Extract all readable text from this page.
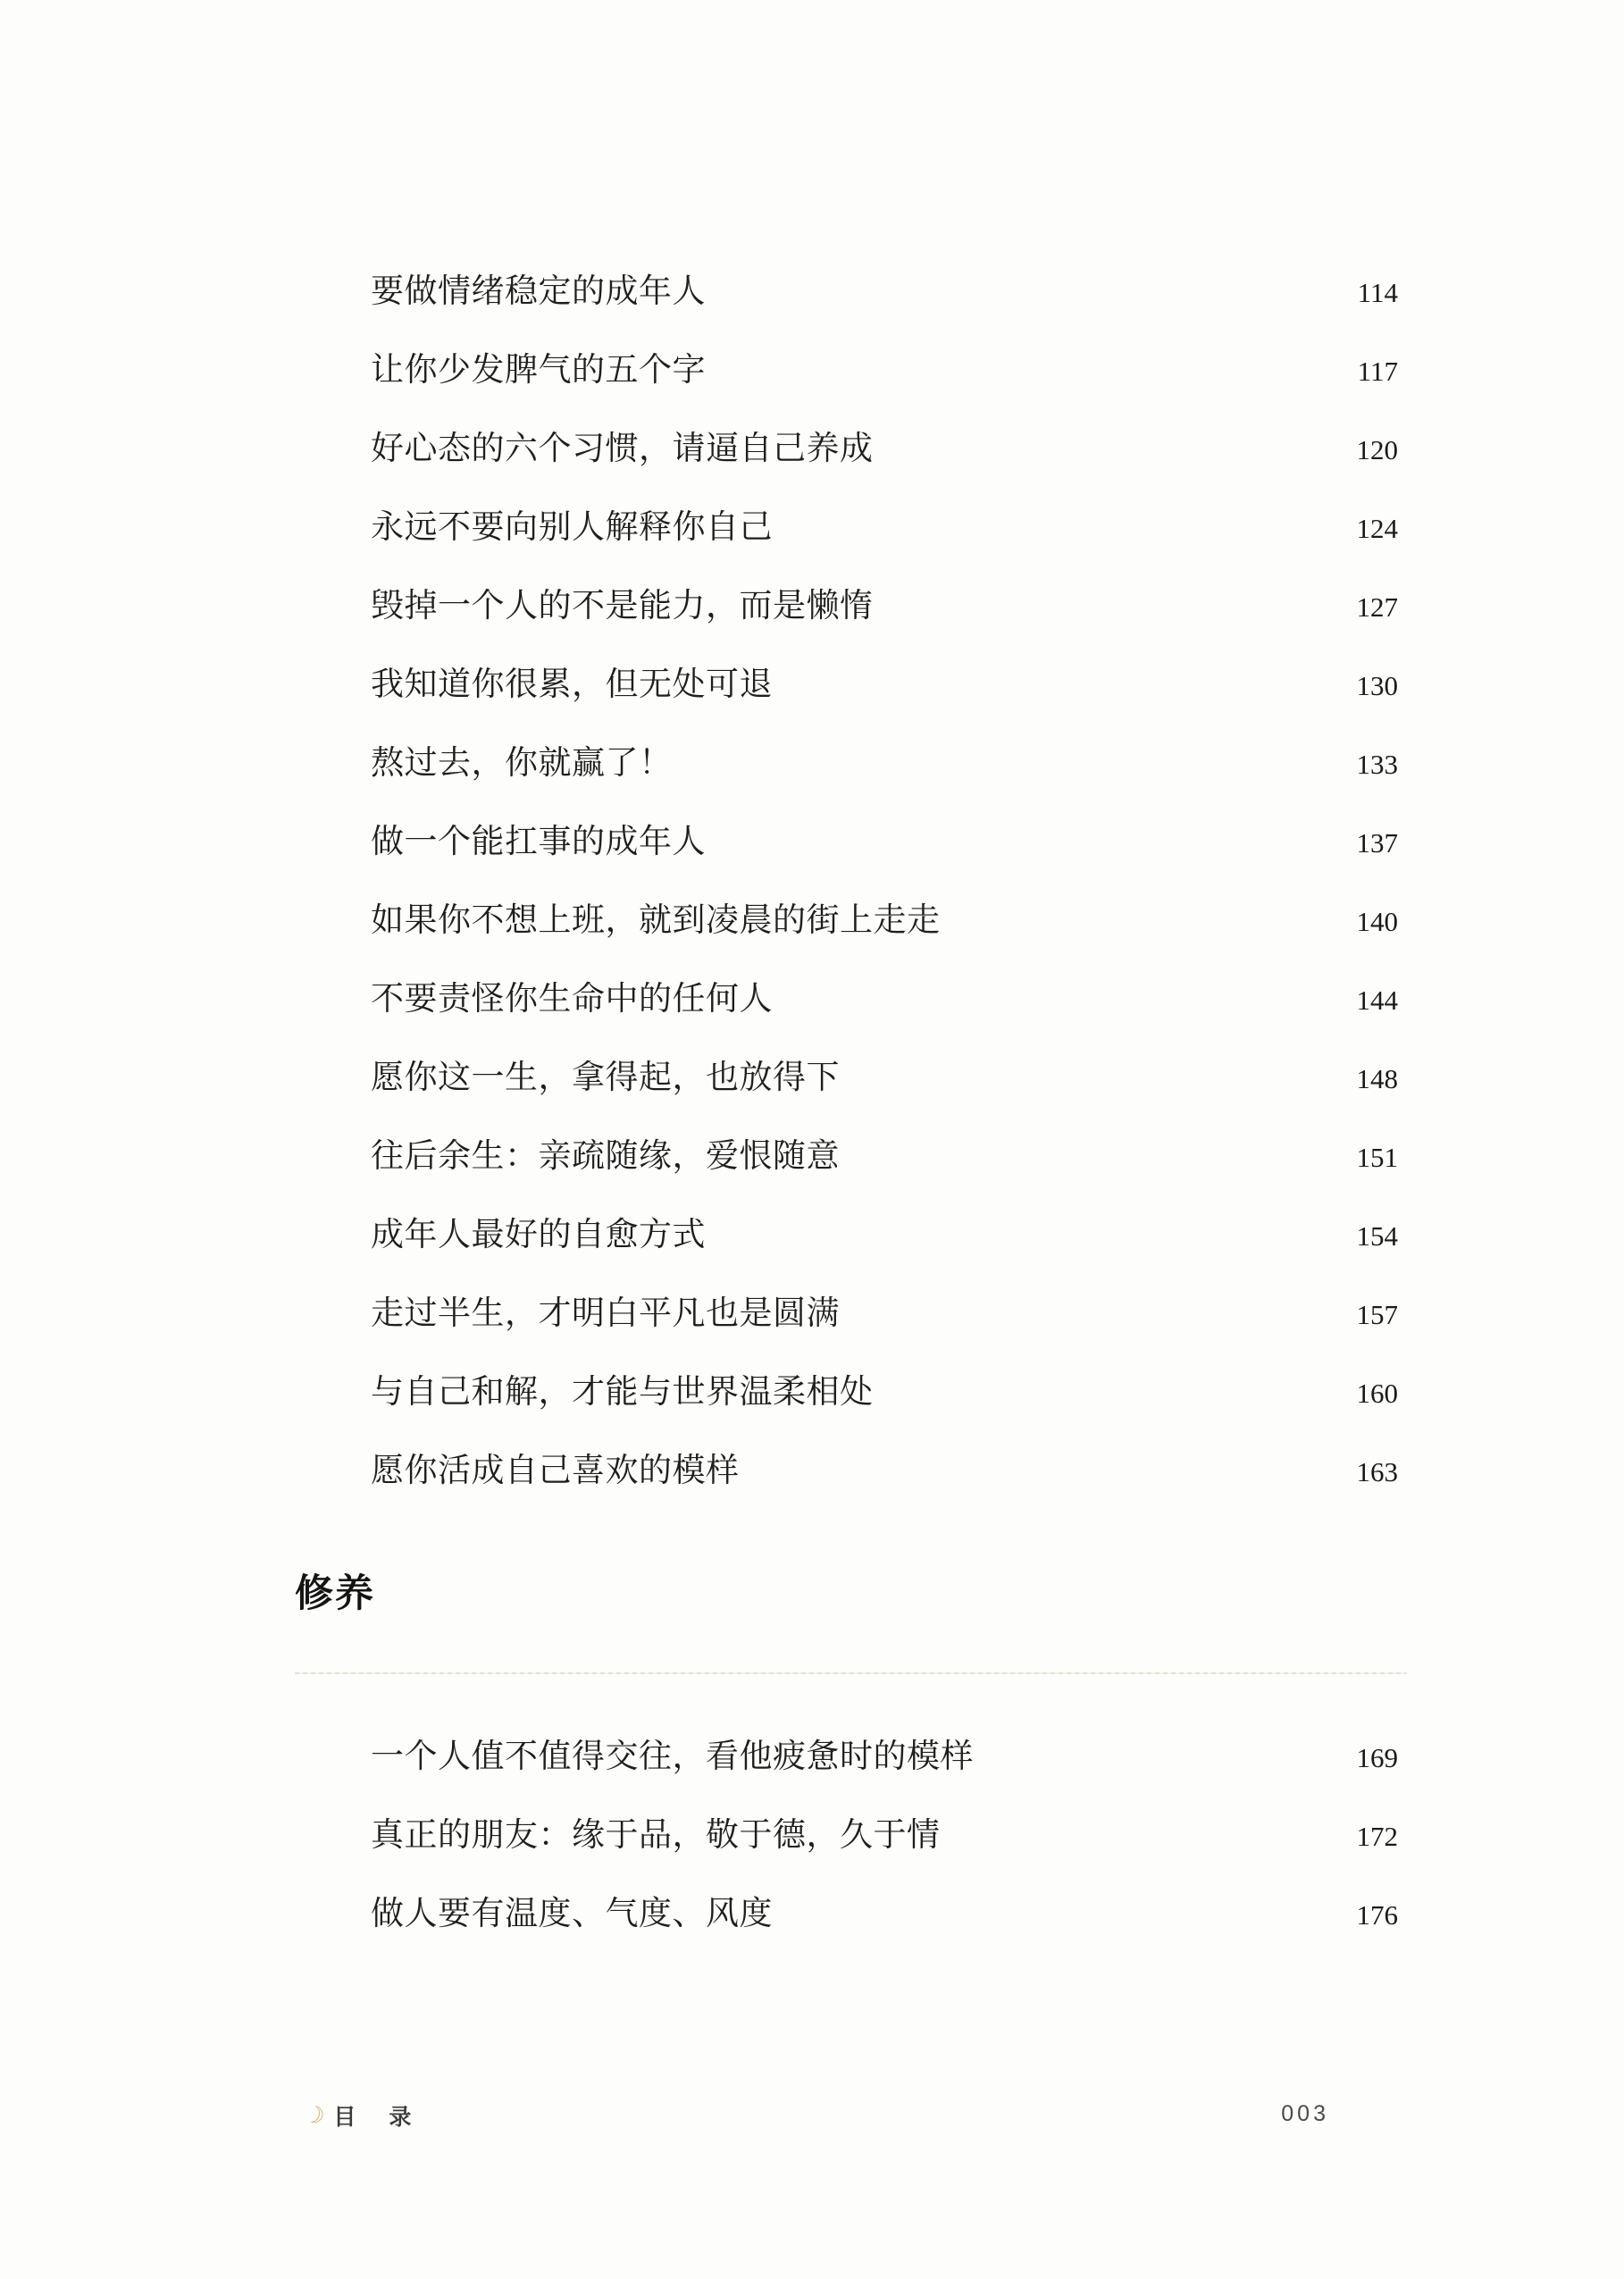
要做情绪稳定的成年人	114
让你少发脾气的五个字	117
好心态的六个习惯，请逼自己养成	120
永远不要向别人解释你自己	124
毁掉一个人的不是能力，而是懒惰	127
我知道你很累，但无处可退	130
熬过去，你就赢了！	133
做一个能扛事的成年人	137
如果你不想上班，就到凌晨的街上走走	140
不要责怪你生命中的任何人	144
愿你这一生，拿得起，也放得下	148
往后余生：亲疏随缘，爱恨随意	151
成年人最好的自愈方式	154
走过半生，才明白平凡也是圆满	157
与自己和解，才能与世界温柔相处	160
愿你活成自己喜欢的模样	163
修养
一个人值不值得交往，看他疲惫时的模样	169
真正的朋友：缘于品，敬于德，久于情	172
做人要有温度、气度、风度	176
☽ 目　录	003
